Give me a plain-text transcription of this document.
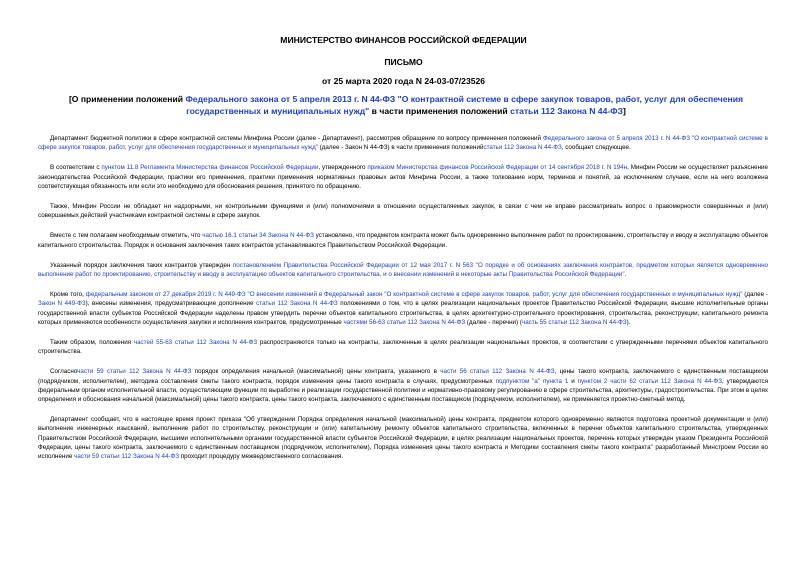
МИНИСТЕРСТВО ФИНАНСОВ РОССИЙСКОЙ ФЕДЕРАЦИИ
ПИСЬМО
от 25 марта 2020 года N 24-03-07/23526
[О применении положений Федерального закона от 5 апреля 2013 г. N 44-ФЗ "О контрактной системе в сфере закупок товаров, работ, услуг для обеспечения государственных и муниципальных нужд" в части применения положений статьи 112 Закона N 44-ФЗ]

Департамент бюджетной политики в сфере контрактной системы Минфина России (далее - Департамент), рассмотрев обращение по вопросу применения положений Федерального закона от 5 апреля 2013 г. N 44-ФЗ "О контрактной системе в сфере закупок товаров, работ, услуг для обеспечения государственных и муниципальных нужд" (далее - Закон N 44-ФЗ) в части применения положенийстатьи 112 Закона N 44-ФЗ, сообщает следующее.

В соответствии с пунктом 11.8 Регламента Министерства финансов Российской Федерации, утвержденного приказом Министерства финансов Российской Федерации от 14 сентября 2018 г. N 194н, Минфин России не осуществляет разъяснение законодательства Российской Федерации, практики его применения, практики применения нормативных правовых актов Минфина России, а также толкование норм, терминов и понятий, за исключением случаев, если на него возложена соответствующая обязанность или если это необходимо для обоснования решения, принятого по обращению.

Также, Минфин России не обладает ни надзорными, ни контрольными функциями и (или) полномочиями в отношении осуществляемых закупок, в связи с чем не вправе рассматривать вопрос о правомерности совершенных и (или) совершаемых действий участниками контрактной системы в сфере закупок.

Вместе с тем полагаем необходимым отметить, что частью 16.1 статьи 34 Закона N 44-ФЗ установлено, что предметом контракта может быть одновременно выполнение работ по проектированию, строительству и вводу в эксплуатацию объектов капитального строительства. Порядок и основания заключения таких контрактов устанавливаются Правительством Российской Федерации.

Указанный порядок заключения таких контрактов утвержден постановлением Правительства Российской Федерации от 12 мая 2017 г. N 563 "О порядке и об основаниях заключения контрактов, предметом которых является одновременно выполнение работ по проектированию, строительству и вводу в эксплуатацию объектов капитального строительства, и о внесении изменений в некоторые акты Правительства Российской Федерации".

Кроме того, федеральным законом от 27 декабря 2019 г. N 449-ФЗ "О внесении изменений в Федеральный закон "О контрактной системе в сфере закупок товаров, работ, услуг для обеспечения государственных и муниципальных нужд" (далее - Закон N 449-ФЗ), внесены изменения, предусматривающие дополнение статьи 112 Закона N 44-ФЗ положениями о том, что в целях реализации национальных проектов Правительство Российской Федерации, высшие исполнительные органы государственной власти субъектов Российской Федерации наделены правом утвердить перечни объектов капитального строительства, в целях архитектурно-строительного проектирования, строительства, реконструкции, капитального ремонта которых применяются особенности осуществления закупки и исполнения контрактов, предусмотренные частями 56-63 статьи 112 Закона N 44-ФЗ (далее - перечни) (часть 55 статьи 112 Закона N 44-ФЗ).

Таким образом, положения частей 55-63 статьи 112 Закона N 44-ФЗ распространяются только на контракты, заключенные в целях реализации национальных проектов, в соответствии с утвержденными перечнями объектов капитального строительства.

Согласночасти 59 статьи 112 Закона N 44-ФЗ порядок определения начальной (максимальной) цены контракта, указанного в части 56 статьи 112 Закона N 44-ФЗ, цены такого контракта, заключаемого с единственным поставщиком (подрядчиком, исполнителем), методика составления сметы такого контракта, порядок изменения цены такого контракта в случаях, предусмотренных подпунктом "а" пункта 1 и пунктом 2 части 62 статьи 112 Закона N 44-ФЗ, утверждаются федеральным органом исполнительной власти, осуществляющим функции по выработке и реализации государственной политики и нормативно-правовому регулированию в сфере строительства, архитектуры, градостроительства. При этом в целях определения и обоснования начальной (максимальной) цены такого контракта, цены такого контракта, заключаемого с единственным поставщиком (подрядчиком, исполнителем), не применяется проектно-сметный метод.

Департамент сообщает, что в настоящее время проект приказа "Об утверждении Порядка определения начальной (максимальной) цены контракта, предметом которого одновременно являются подготовка проектной документации и (или) выполнение инженерных изысканий, выполнение работ по строительству, реконструкции и (или) капитальному ремонту объектов капитального строительства, включенных в перечни объектов капитального строительства, утвержденных Правительством Российской Федерации, высшими исполнительными органами государственной власти субъектов Российской Федерации, в целях реализации национальных проектов, перечень которых утвержден указом Президента Российской Федерации, цены такого контракта, заключаемого с единственным поставщиком (подрядчиком, исполнителем), Порядка изменения цены такого контракта и Методики составления сметы такого контракта" разработанный Минстроем России во исполнение части 59 статьи 112 Закона N 44-ФЗ проходит процедуру межведомственного согласования.
